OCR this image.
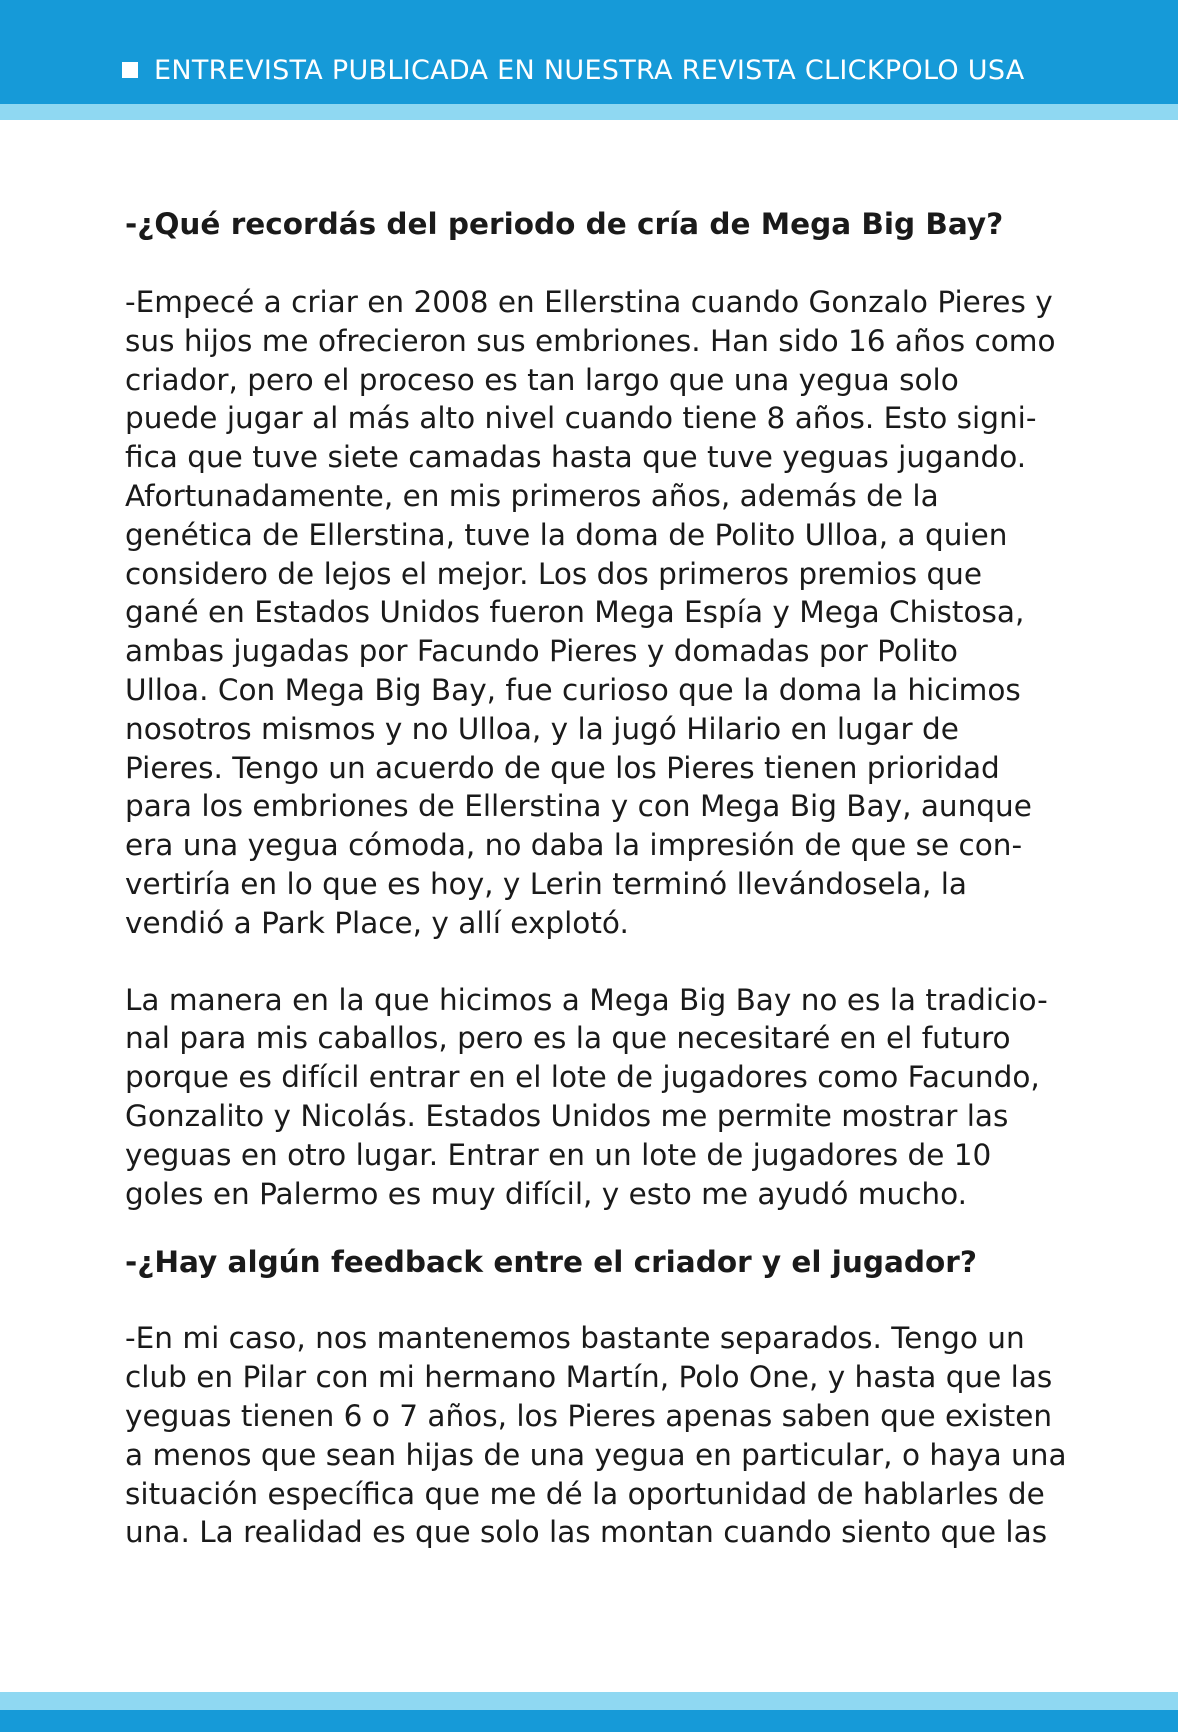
ENTREVISTA PUBLICADA EN NUESTRA REVISTA CLICKPOLO USA

-¿Qué recordás del periodo de cría de Mega Big Bay?

-Empecé a criar en 2008 en Ellerstina cuando Gonzalo Pieres y
sus hijos me ofrecieron sus embriones. Han sido 16 años como
criador, pero el proceso es tan largo que una yegua solo
puede jugar al más alto nivel cuando tiene 8 años. Esto signi-
fica que tuve siete camadas hasta que tuve yeguas jugando.
Afortunadamente, en mis primeros años, además de la
genética de Ellerstina, tuve la doma de Polito Ulloa, a quien
considero de lejos el mejor. Los dos primeros premios que
gané en Estados Unidos fueron Mega Espía y Mega Chistosa,
ambas jugadas por Facundo Pieres y domadas por Polito
Ulloa. Con Mega Big Bay, fue curioso que la doma la hicimos
nosotros mismos y no Ulloa, y la jugó Hilario en lugar de
Pieres. Tengo un acuerdo de que los Pieres tienen prioridad
para los embriones de Ellerstina y con Mega Big Bay, aunque
era una yegua cómoda, no daba la impresión de que se con-
vertiría en lo que es hoy, y Lerin terminó llevándosela, la
vendió a Park Place, y allí explotó.

La manera en la que hicimos a Mega Big Bay no es la tradicio-
nal para mis caballos, pero es la que necesitaré en el futuro
porque es difícil entrar en el lote de jugadores como Facundo,
Gonzalito y Nicolás. Estados Unidos me permite mostrar las
yeguas en otro lugar. Entrar en un lote de jugadores de 10
goles en Palermo es muy difícil, y esto me ayudó mucho.

-¿Hay algún feedback entre el criador y el jugador?

-En mi caso, nos mantenemos bastante separados. Tengo un
club en Pilar con mi hermano Martín, Polo One, y hasta que las
yeguas tienen 6 o 7 años, los Pieres apenas saben que existen
a menos que sean hijas de una yegua en particular, o haya una
situación específica que me dé la oportunidad de hablarles de
una. La realidad es que solo las montan cuando siento que las
